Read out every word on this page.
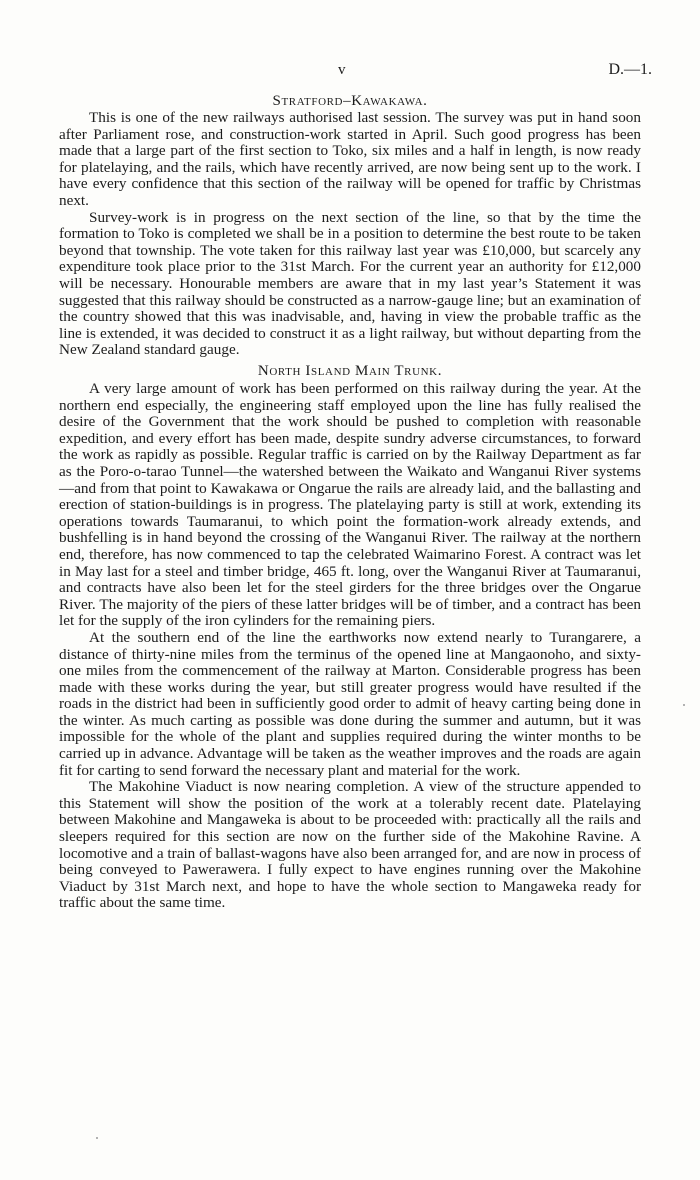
v	D.—1.
Stratford–Kawakawa.

This is one of the new railways authorised last session. The survey was put in hand soon after Parliament rose, and construction-work started in April. Such good progress has been made that a large part of the first section to Toko, six miles and a half in length, is now ready for platelaying, and the rails, which have recently arrived, are now being sent up to the work. I have every confidence that this section of the railway will be opened for traffic by Christmas next.

Survey-work is in progress on the next section of the line, so that by the time the formation to Toko is completed we shall be in a position to determine the best route to be taken beyond that township. The vote taken for this railway last year was £10,000, but scarcely any expenditure took place prior to the 31st March. For the current year an authority for £12,000 will be necessary. Honourable members are aware that in my last year’s Statement it was suggested that this railway should be constructed as a narrow-gauge line; but an examination of the country showed that this was inadvisable, and, having in view the probable traffic as the line is extended, it was decided to construct it as a light railway, but without departing from the New Zealand standard gauge.

North Island Main Trunk.

A very large amount of work has been performed on this railway during the year. At the northern end especially, the engineering staff employed upon the line has fully realised the desire of the Government that the work should be pushed to completion with reasonable expedition, and every effort has been made, despite sundry adverse circumstances, to forward the work as rapidly as possible. Regular traffic is carried on by the Railway Department as far as the Poro-o-tarao Tunnel—the watershed between the Waikato and Wanganui River systems—and from that point to Kawakawa or Ongarue the rails are already laid, and the ballasting and erection of station-buildings is in progress. The platelaying party is still at work, extending its operations towards Taumaranui, to which point the formation-work already extends, and bushfelling is in hand beyond the crossing of the Wanganui River. The railway at the northern end, therefore, has now commenced to tap the celebrated Waimarino Forest. A contract was let in May last for a steel and timber bridge, 465 ft. long, over the Wanganui River at Taumaranui, and contracts have also been let for the steel girders for the three bridges over the Ongarue River. The majority of the piers of these latter bridges will be of timber, and a contract has been let for the supply of the iron cylinders for the remaining piers.

At the southern end of the line the earthworks now extend nearly to Turangarere, a distance of thirty-nine miles from the terminus of the opened line at Mangaonoho, and sixty-one miles from the commencement of the railway at Marton. Considerable progress has been made with these works during the year, but still greater progress would have resulted if the roads in the district had been in sufficiently good order to admit of heavy carting being done in the winter. As much carting as possible was done during the summer and autumn, but it was impossible for the whole of the plant and supplies required during the winter months to be carried up in advance. Advantage will be taken as the weather improves and the roads are again fit for carting to send forward the necessary plant and material for the work.

The Makohine Viaduct is now nearing completion. A view of the structure appended to this Statement will show the position of the work at a tolerably recent date. Platelaying between Makohine and Mangaweka is about to be proceeded with: practically all the rails and sleepers required for this section are now on the further side of the Makohine Ravine. A locomotive and a train of ballast-wagons have also been arranged for, and are now in process of being conveyed to Pawerawera. I fully expect to have engines running over the Makohine Viaduct by 31st March next, and hope to have the whole section to Mangaweka ready for traffic about the same time.
